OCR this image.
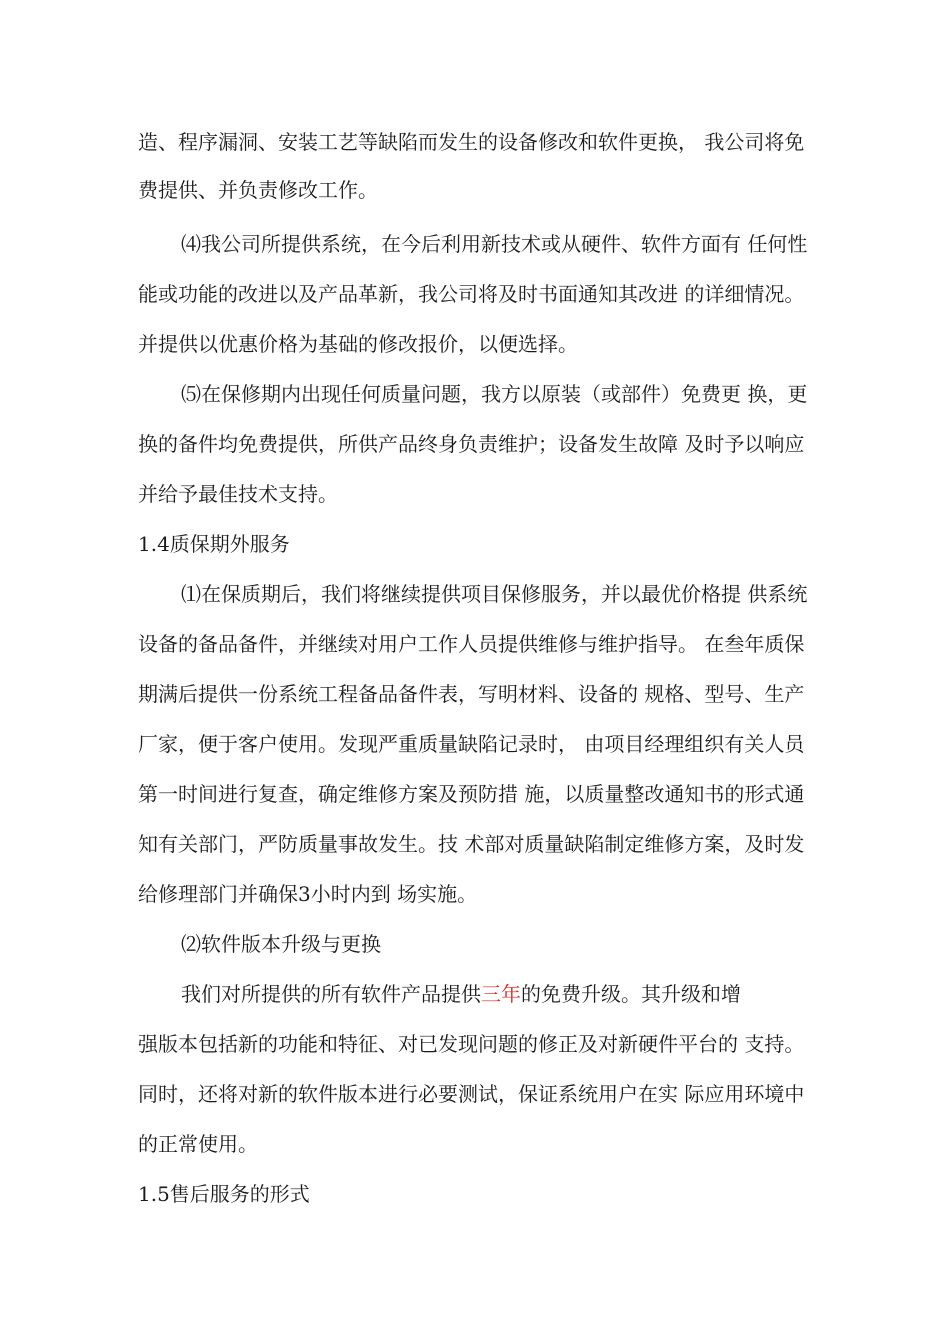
造、程序漏洞、安装工艺等缺陷而发生的设备修改和软件更换， 我公司将免
费提供、并负责修改工作。
⑷我公司所提供系统，在今后利用新技术或从硬件、软件方面有 任何性
能或功能的改进以及产品革新，我公司将及时书面通知其改进 的详细情况。
并提供以优惠价格为基础的修改报价，以便选择。
⑸在保修期内出现任何质量问题，我方以原装（或部件）免费更 换，更
换的备件均免费提供，所供产品终身负责维护；设备发生故障 及时予以响应
并给予最佳技术支持。
1.4质保期外服务
⑴在保质期后，我们将继续提供项目保修服务，并以最优价格提 供系统
设备的备品备件，并继续对用户工作人员提供维修与维护指导。 在叁年质保
期满后提供一份系统工程备品备件表，写明材料、设备的 规格、型号、生产
厂家，便于客户使用。发现严重质量缺陷记录时， 由项目经理组织有关人员
第一时间进行复查，确定维修方案及预防措 施，以质量整改通知书的形式通
知有关部门，严防质量事故发生。技 术部对质量缺陷制定维修方案，及时发
给修理部门并确保3小时内到 场实施。
⑵软件版本升级与更换
我们对所提供的所有软件产品提供三年的免费升级。其升级和增
强版本包括新的功能和特征、对已发现问题的修正及对新硬件平台的 支持。
同时，还将对新的软件版本进行必要测试，保证系统用户在实 际应用环境中
的正常使用。
1.5售后服务的形式
